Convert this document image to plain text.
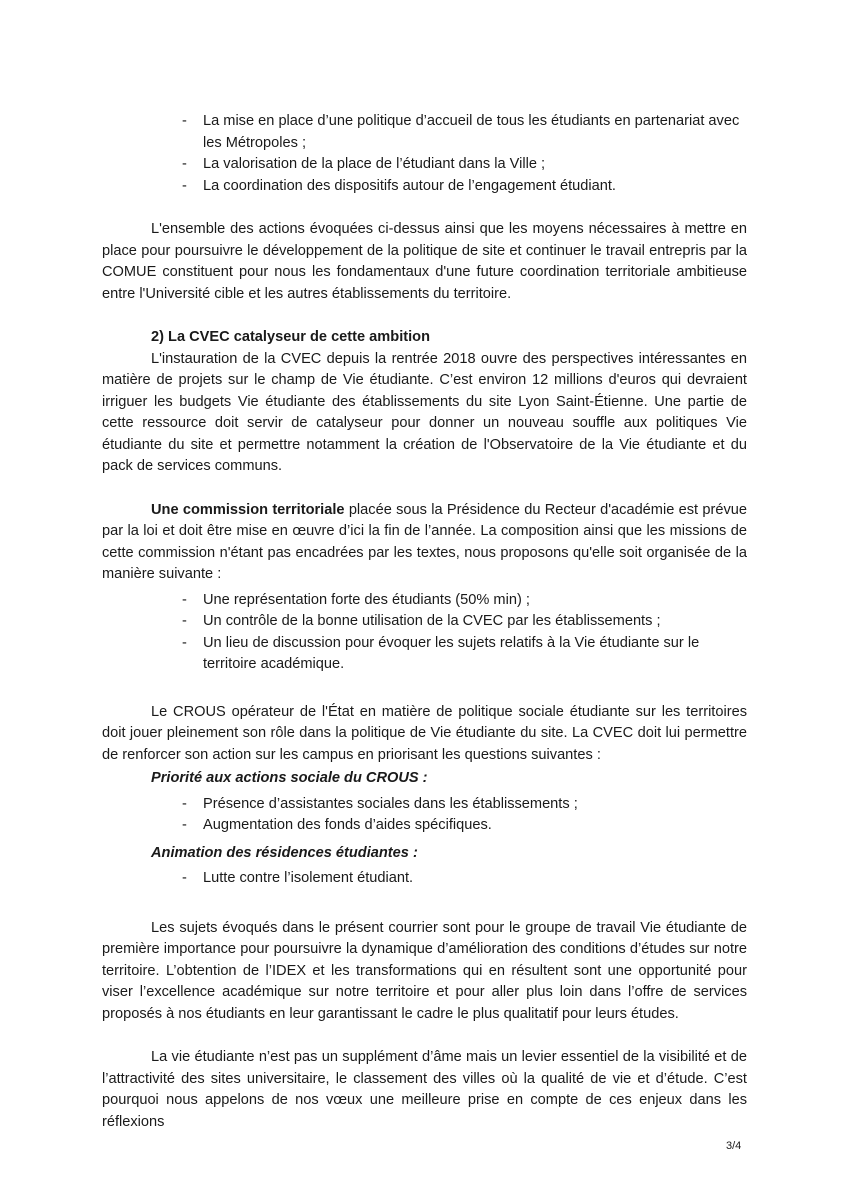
- La mise en place d’une politique d’accueil de tous les étudiants en partenariat avec les Métropoles ;
- La valorisation de la place de l’étudiant dans la Ville ;
- La coordination des dispositifs autour de l’engagement étudiant.

L'ensemble des actions évoquées ci-dessus ainsi que les moyens nécessaires à mettre en place pour poursuivre le développement de la politique de site et continuer le travail entrepris par la COMUE constituent pour nous les fondamentaux d'une future coordination territoriale ambitieuse entre l'Université cible et les autres établissements du territoire.

2) La CVEC catalyseur de cette ambition

L'instauration de la CVEC depuis la rentrée 2018 ouvre des perspectives intéressantes en matière de projets sur le champ de Vie étudiante. C’est environ 12 millions d'euros qui devraient irriguer les budgets Vie étudiante des établissements du site Lyon Saint-Étienne. Une partie de cette ressource doit servir de catalyseur pour donner un nouveau souffle aux politiques Vie étudiante du site et permettre notamment la création de l'Observatoire de la Vie étudiante et du pack de services communs.

Une commission territoriale placée sous la Présidence du Recteur d'académie est prévue par la loi et doit être mise en œuvre d’ici la fin de l’année. La composition ainsi que les missions de cette commission n'étant pas encadrées par les textes, nous proposons qu'elle soit organisée de la manière suivante :

- Une représentation forte des étudiants (50% min) ;
- Un contrôle de la bonne utilisation de la CVEC par les établissements ;
- Un lieu de discussion pour évoquer les sujets relatifs à la Vie étudiante sur le territoire académique.

Le CROUS opérateur de l'État en matière de politique sociale étudiante sur les territoires doit jouer pleinement son rôle dans la politique de Vie étudiante du site. La CVEC doit lui permettre de renforcer son action sur les campus en priorisant les questions suivantes :

Priorité aux actions sociale du CROUS :

- Présence d’assistantes sociales dans les établissements ;
- Augmentation des fonds d’aides spécifiques.

Animation des résidences étudiantes :

- Lutte contre l’isolement étudiant.

Les sujets évoqués dans le présent courrier sont pour le groupe de travail Vie étudiante de première importance pour poursuivre la dynamique d’amélioration des conditions d’études sur notre territoire. L’obtention de l’IDEX et les transformations qui en résultent sont une opportunité pour viser l’excellence académique sur notre territoire et pour aller plus loin dans l’offre de services proposés à nos étudiants en leur garantissant le cadre le plus qualitatif pour leurs études.

La vie étudiante n’est pas un supplément d’âme mais un levier essentiel de la visibilité et de l’attractivité des sites universitaire, le classement des villes où la qualité de vie et d’étude. C’est pourquoi nous appelons de nos vœux une meilleure prise en compte de ces enjeux dans les réflexions

3/4
